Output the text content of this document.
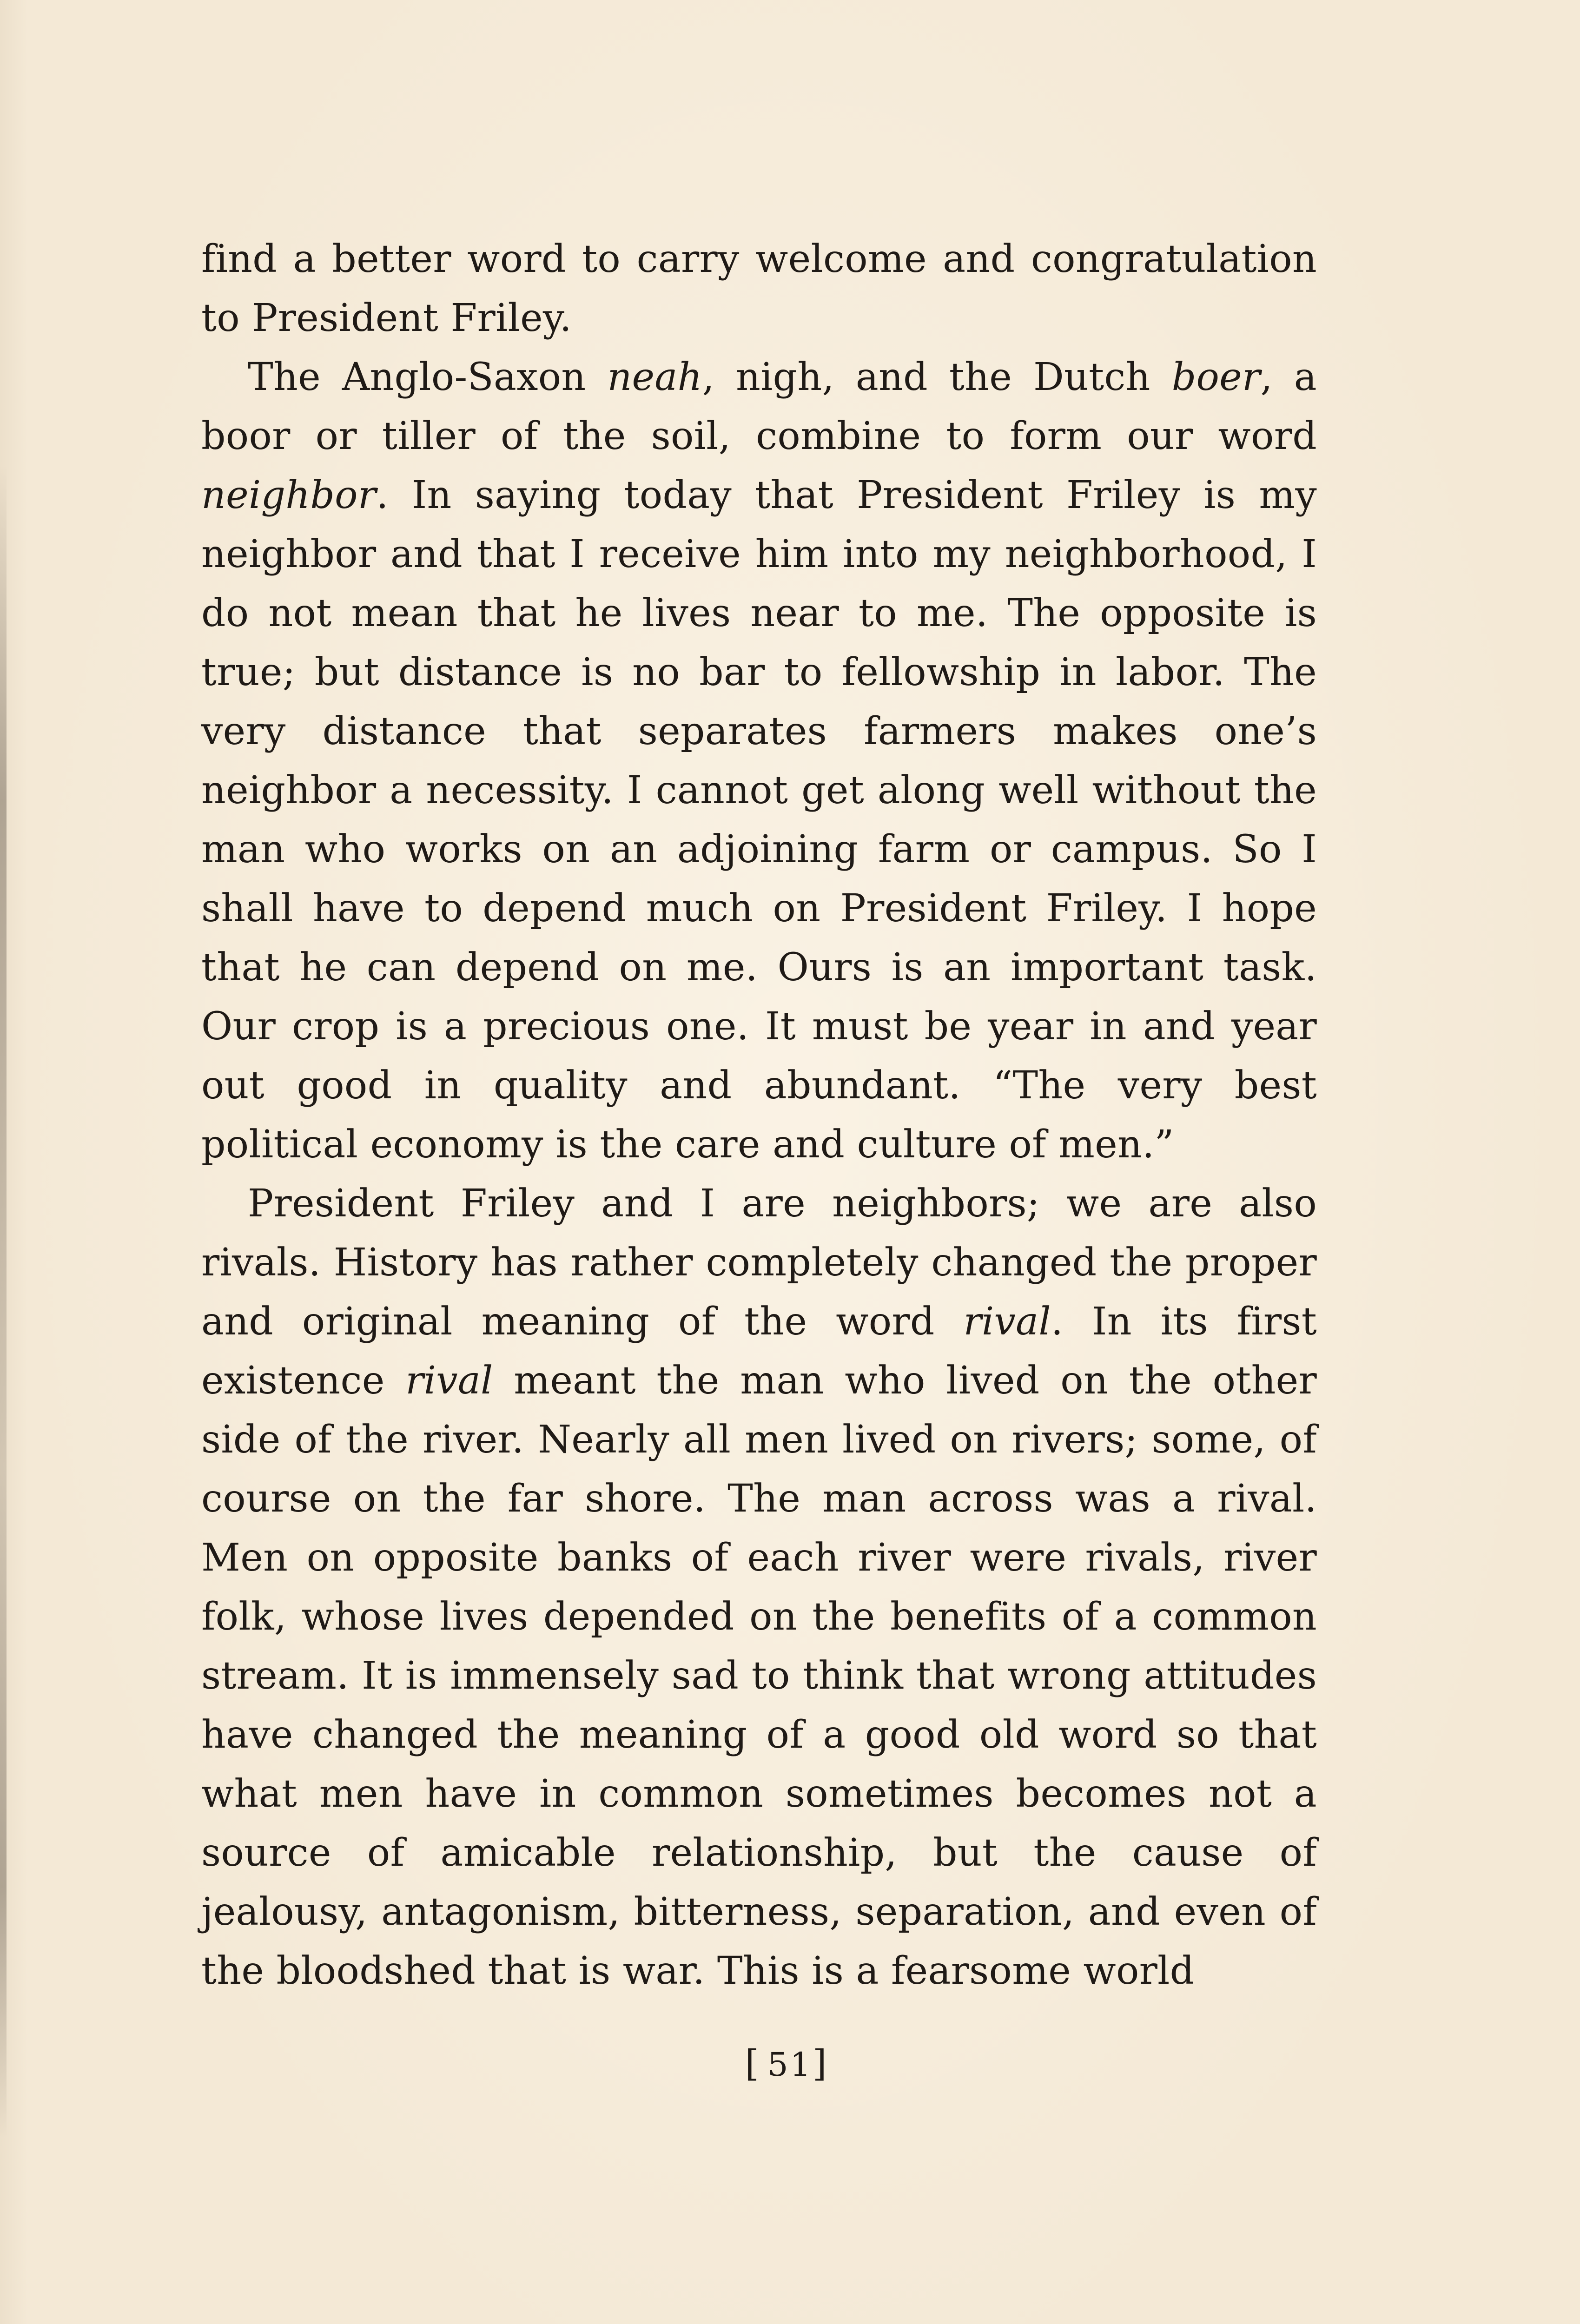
find a better word to carry welcome and congratulation to President Friley.

The Anglo-Saxon neah, nigh, and the Dutch boer, a boor or tiller of the soil, combine to form our word neighbor. In saying today that President Friley is my neighbor and that I receive him into my neighborhood, I do not mean that he lives near to me. The opposite is true; but distance is no bar to fellowship in labor. The very distance that separates farmers makes one’s neighbor a necessity. I cannot get along well without the man who works on an adjoining farm or campus. So I shall have to depend much on President Friley. I hope that he can depend on me. Ours is an important task. Our crop is a precious one. It must be year in and year out good in quality and abundant. “The very best political economy is the care and culture of men.”

President Friley and I are neighbors; we are also rivals. History has rather completely changed the proper and original meaning of the word rival. In its first existence rival meant the man who lived on the other side of the river. Nearly all men lived on rivers; some, of course on the far shore. The man across was a rival. Men on opposite banks of each river were rivals, river folk, whose lives depended on the benefits of a common stream. It is immensely sad to think that wrong attitudes have changed the meaning of a good old word so that what men have in common sometimes becomes not a source of amicable relationship, but the cause of jealousy, antagonism, bitterness, separation, and even of the bloodshed that is war. This is a fearsome world

[51]
